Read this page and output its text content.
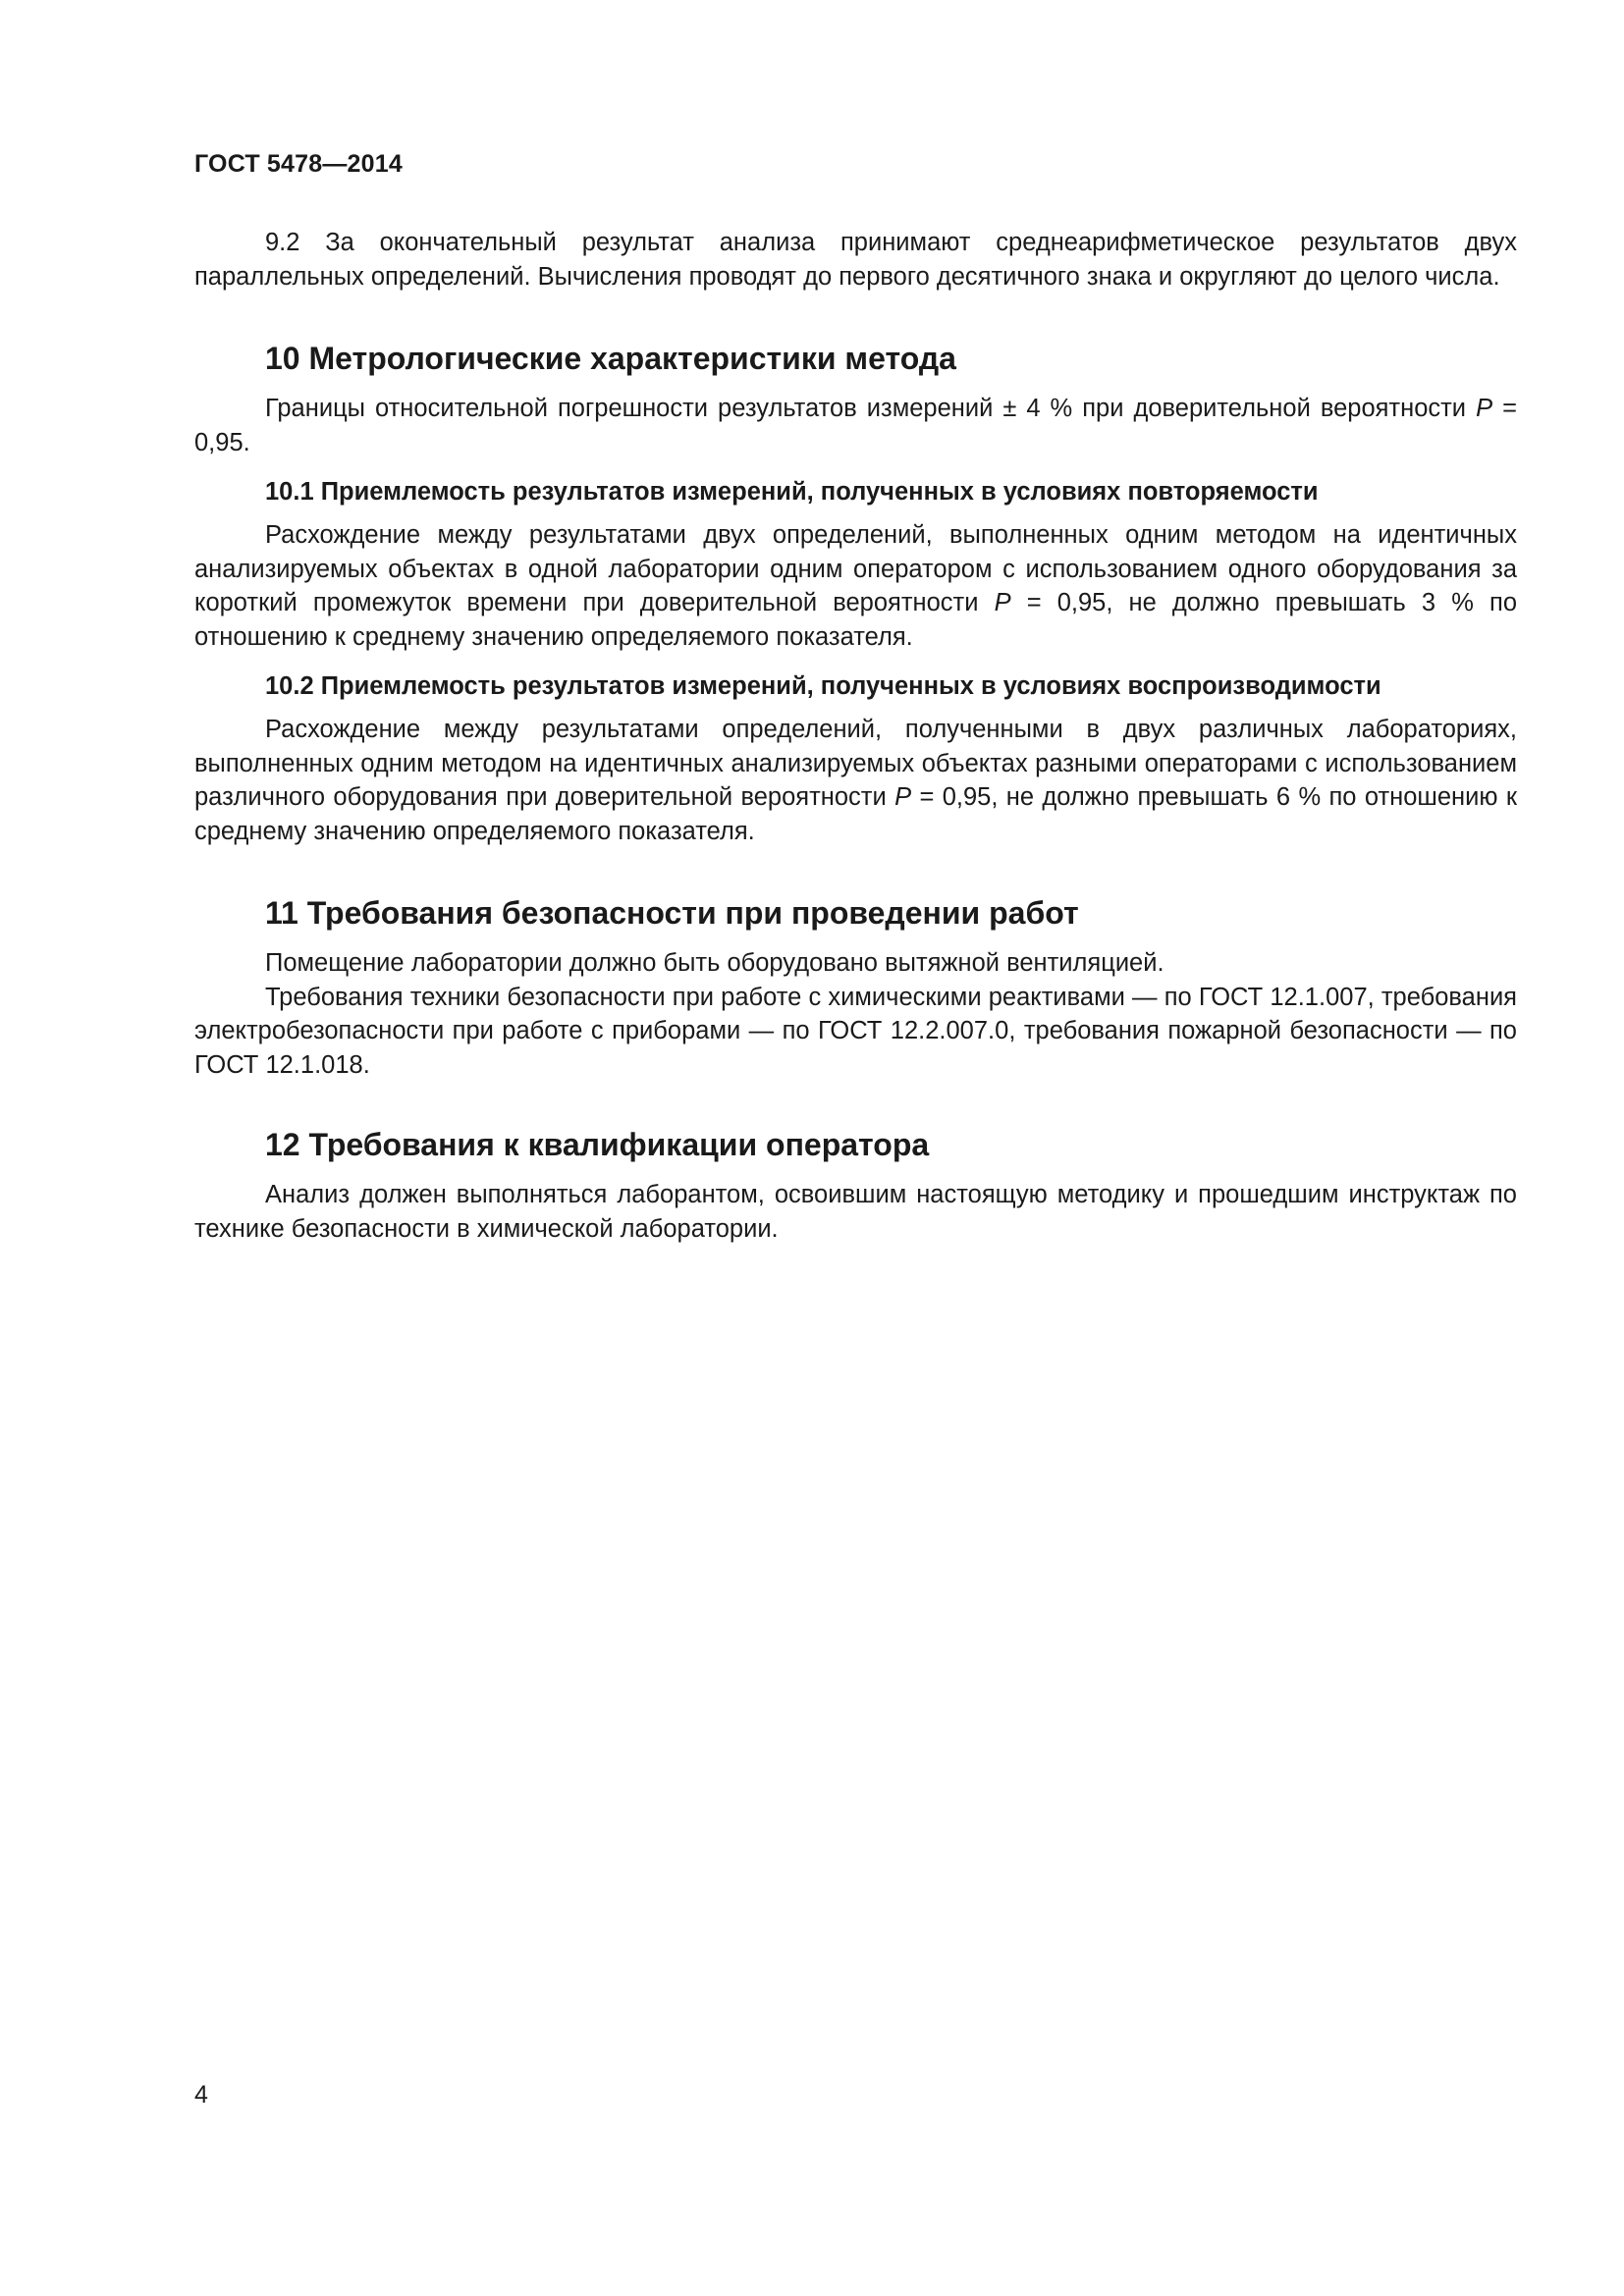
ГОСТ 5478—2014

9.2 За окончательный результат анализа принимают среднеарифметическое результатов двух параллельных определений. Вычисления проводят до первого десятичного знака и округляют до целого числа.

10 Метрологические характеристики метода

Границы относительной погрешности результатов измерений ± 4 % при доверительной вероятности P = 0,95.

10.1 Приемлемость результатов измерений, полученных в условиях повторяемости

Расхождение между результатами двух определений, выполненных одним методом на идентичных анализируемых объектах в одной лаборатории одним оператором с использованием одного оборудования за короткий промежуток времени при доверительной вероятности P = 0,95, не должно превышать 3 % по отношению к среднему значению определяемого показателя.

10.2 Приемлемость результатов измерений, полученных в условиях воспроизводимости

Расхождение между результатами определений, полученными в двух различных лабораториях, выполненных одним методом на идентичных анализируемых объектах разными операторами с использованием различного оборудования при доверительной вероятности P = 0,95, не должно превышать 6 % по отношению к среднему значению определяемого показателя.

11 Требования безопасности при проведении работ

Помещение лаборатории должно быть оборудовано вытяжной вентиляцией.

Требования техники безопасности при работе с химическими реактивами — по ГОСТ 12.1.007, требования электробезопасности при работе с приборами — по ГОСТ 12.2.007.0, требования пожарной безопасности — по ГОСТ 12.1.018.

12 Требования к квалификации оператора

Анализ должен выполняться лаборантом, освоившим настоящую методику и прошедшим инструктаж по технике безопасности в химической лаборатории.

4
